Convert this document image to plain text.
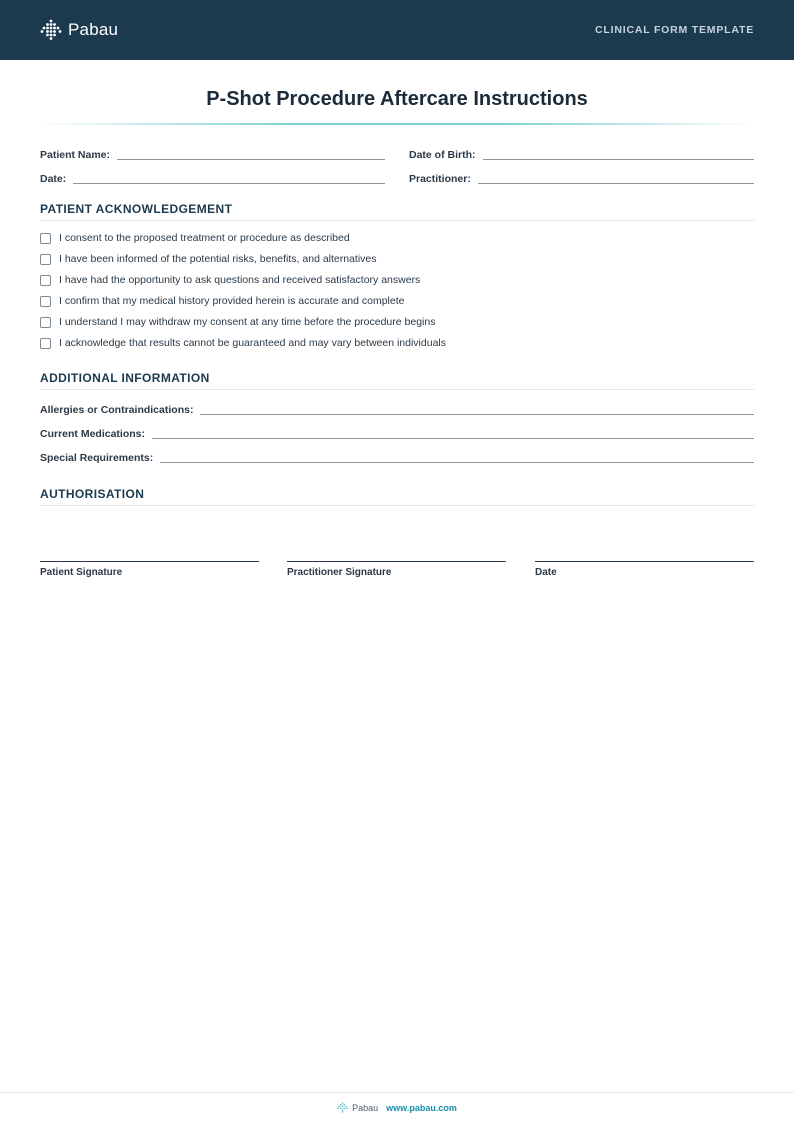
Pabau	CLINICAL FORM TEMPLATE
P-Shot Procedure Aftercare Instructions
Patient Name:	Date of Birth:
Date:	Practitioner:
PATIENT ACKNOWLEDGEMENT
I consent to the proposed treatment or procedure as described
I have been informed of the potential risks, benefits, and alternatives
I have had the opportunity to ask questions and received satisfactory answers
I confirm that my medical history provided herein is accurate and complete
I understand I may withdraw my consent at any time before the procedure begins
I acknowledge that results cannot be guaranteed and may vary between individuals
ADDITIONAL INFORMATION
Allergies or Contraindications:
Current Medications:
Special Requirements:
AUTHORISATION
Patient Signature	Practitioner Signature	Date
Pabau www.pabau.com
